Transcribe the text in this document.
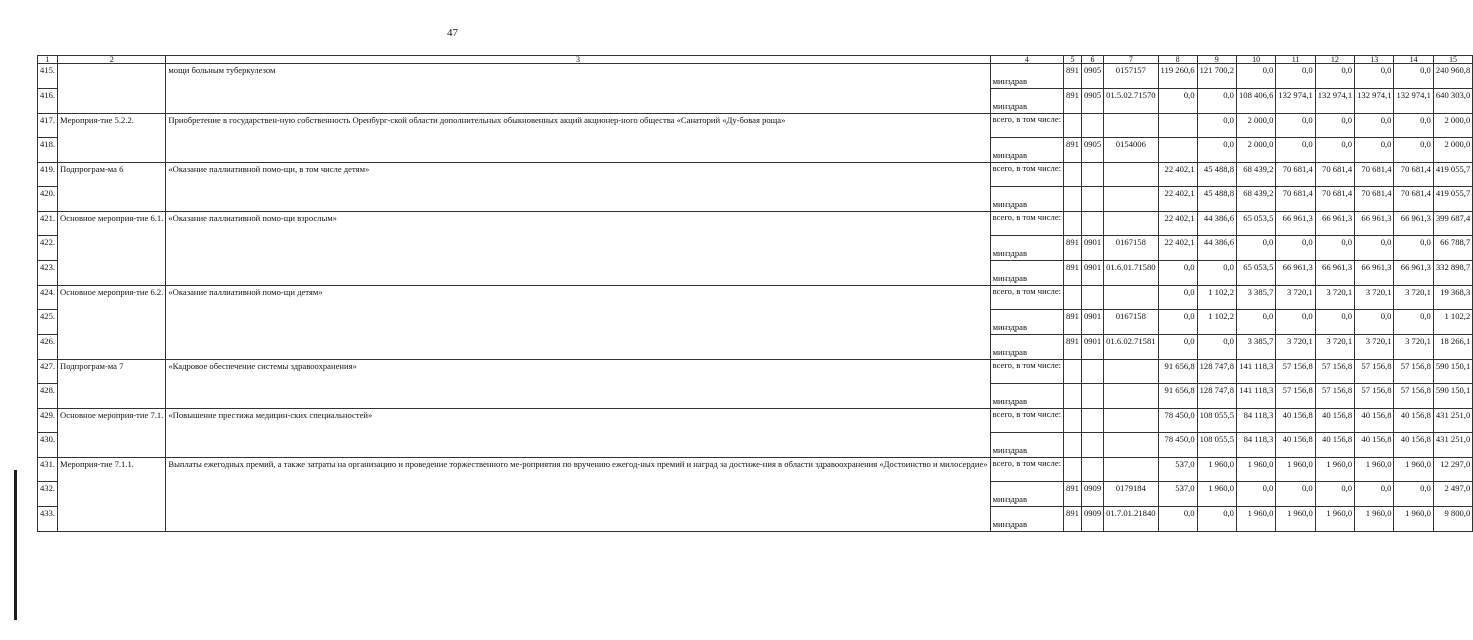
47
1	2	3	4	5	6	7	8	9	10	11	12	13	14	15
415.		мощи больным туберкулезом	минздрав	891	0905	0157157	119 260,6	121 700,2	0,0	0,0	0,0	0,0	0,0	240 960,8
416.			минздрав	891	0905	01.5.02.71570	0,0	0,0	108 406,6	132 974,1	132 974,1	132 974,1	132 974,1	640 303,0
417.	Мероприя-тие 5.2.2.	Приобретение в государствен-ную собственность Оренбург-ской области дополнительных обыкновенных акций акционер-ного общества «Санаторий «Ду-бовая роща»	всего, в том числе:					0,0	2 000,0	0,0	0,0	0,0	0,0	2 000,0
418.			минздрав	891	0905	0154006		0,0	2 000,0	0,0	0,0	0,0	0,0	2 000,0
419.	Подпрограм-ма 6	«Оказание паллиативной помо-щи, в том числе детям»	всего, в том числе:				22 402,1	45 488,8	68 439,2	70 681,4	70 681,4	70 681,4	70 681,4	419 055,7
420.			минздрав				22 402,1	45 488,8	68 439,2	70 681,4	70 681,4	70 681,4	70 681,4	419 055,7
421.	Основное мероприя-тие 6.1.	«Оказание паллиативной помо-щи взрослым»	всего, в том числе:				22 402,1	44 386,6	65 053,5	66 961,3	66 961,3	66 961,3	66 961,3	399 687,4
422.			минздрав	891	0901	0167158	22 402,1	44 386,6	0,0	0,0	0,0	0,0	0,0	66 788,7
423.			минздрав	891	0901	01.6.01.71580	0,0	0,0	65 053,5	66 961,3	66 961,3	66 961,3	66 961,3	332 898,7
424.	Основное мероприя-тие 6.2.	«Оказание паллиативной помо-щи детям»	всего, в том числе:				0,0	1 102,2	3 385,7	3 720,1	3 720,1	3 720,1	3 720,1	19 368,3
425.			минздрав	891	0901	0167158	0,0	1 102,2	0,0	0,0	0,0	0,0	0,0	1 102,2
426.			минздрав	891	0901	01.6.02.71581	0,0	0,0	3 385,7	3 720,1	3 720,1	3 720,1	3 720,1	18 266,1
427.	Подпрограм-ма 7	«Кадровое обеспечение системы здравоохранения»	всего, в том числе:				91 656,8	128 747,8	141 118,3	57 156,8	57 156,8	57 156,8	57 156,8	590 150,1
428.			минздрав				91 656,8	128 747,8	141 118,3	57 156,8	57 156,8	57 156,8	57 156,8	590 150,1
429.	Основное мероприя-тие 7.1.	«Повышение престижа медицин-ских специальностей»	всего, в том числе:				78 450,0	108 055,5	84 118,3	40 156,8	40 156,8	40 156,8	40 156,8	431 251,0
430.			минздрав				78 450,0	108 055,5	84 118,3	40 156,8	40 156,8	40 156,8	40 156,8	431 251,0
431.	Мероприя-тие 7.1.1.	Выплаты ежегодных премий, а также затраты на организацию и проведение торжественного ме-роприятия по вручению ежегод-ных премий и наград за достиже-ния в области здравоохранения «Достоинство и милосердие»	всего, в том числе:				537,0	1 960,0	1 960,0	1 960,0	1 960,0	1 960,0	1 960,0	12 297,0
432.			минздрав	891	0909	0179184	537,0	1 960,0	0,0	0,0	0,0	0,0	0,0	2 497,0
433.			минздрав	891	0909	01.7.01.21840	0,0	0,0	1 960,0	1 960,0	1 960,0	1 960,0	1 960,0	9 800,0
